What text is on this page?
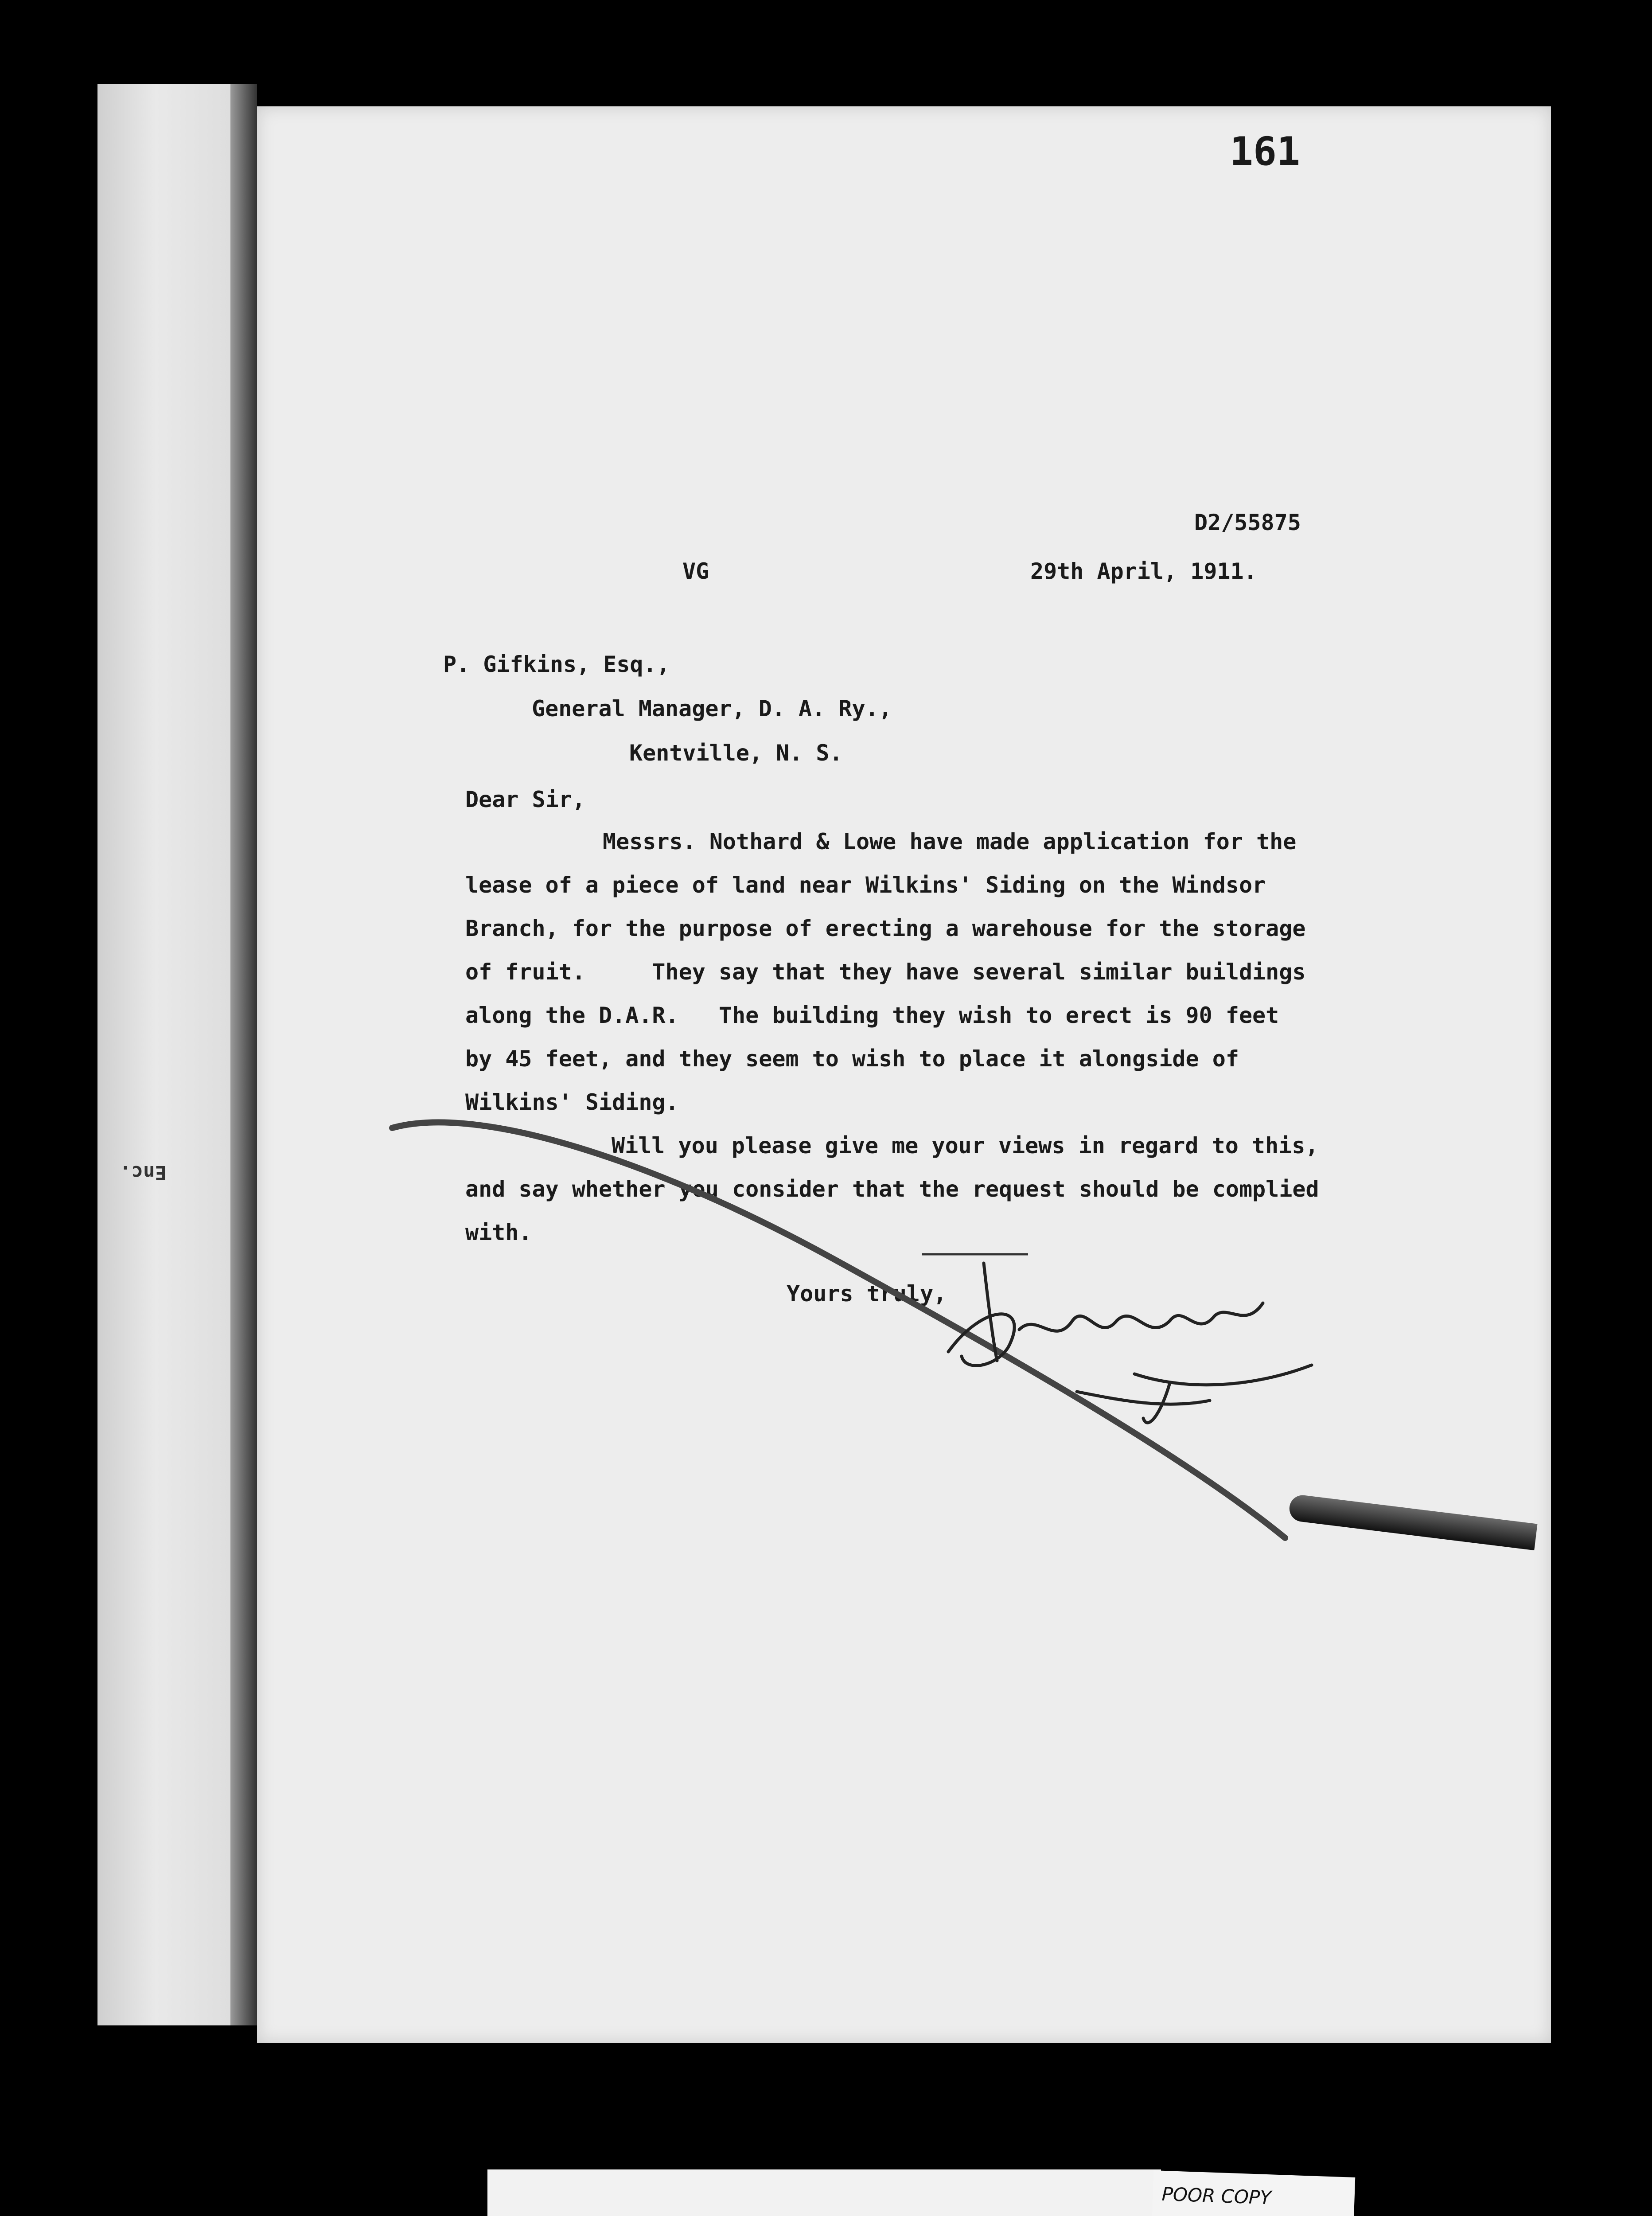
Enc.
161
D2/55875
VG	29th April, 1911.
P. Gifkins, Esq.,
General Manager, D. A. Ry.,
Kentville, N. S.
Dear Sir,
Messrs. Nothard & Lowe have made application for the
lease of a piece of land near Wilkins' Siding on the Windsor
Branch, for the purpose of erecting a warehouse for the storage
of fruit.     They say that they have several similar buildings
along the D.A.R.   The building they wish to erect is 90 feet
by 45 feet, and they seem to wish to place it alongside of
Wilkins' Siding.
Will you please give me your views in regard to this,
and say whether you consider that the request should be complied
with.
Yours truly,
POOR COPY
